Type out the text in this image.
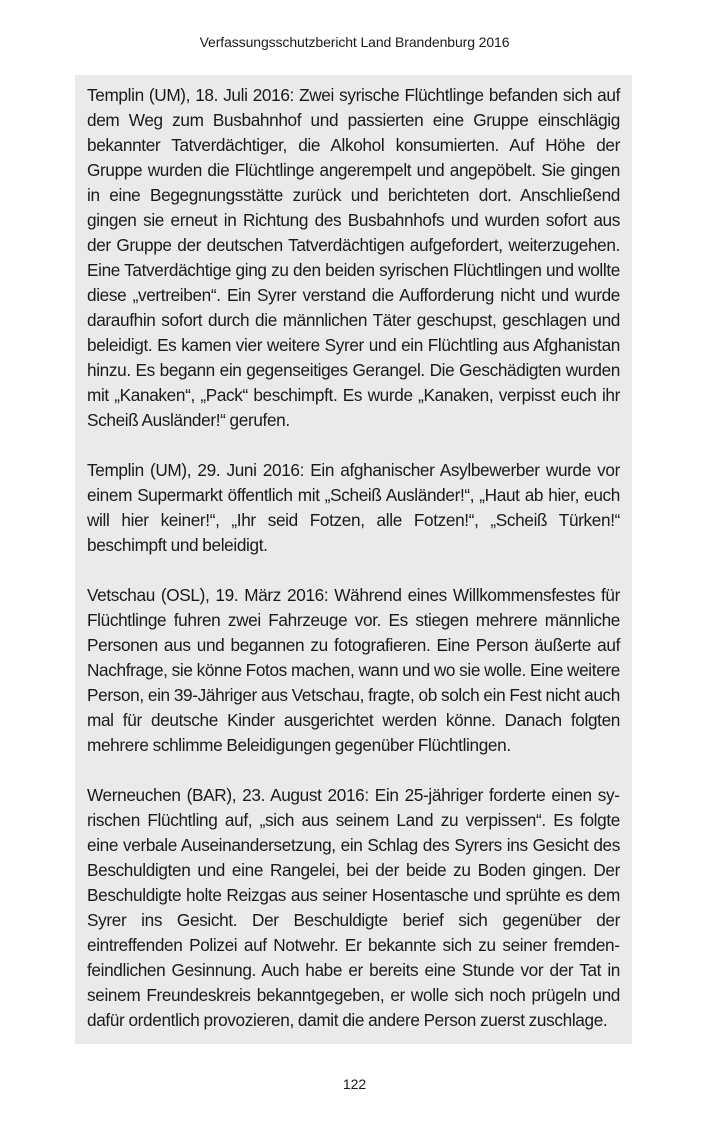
Verfassungsschutzbericht Land Brandenburg 2016

Templin (UM), 18. Juli 2016: Zwei syrische Flüchtlinge befanden sich auf dem Weg zum Busbahnhof und passierten eine Gruppe einschlägig bekannter Tatverdächtiger, die Alkohol konsumierten. Auf Höhe der Gruppe wurden die Flüchtlinge angerempelt und angepöbelt. Sie gingen in eine Begegnungsstätte zurück und berichteten dort. Anschließend gingen sie erneut in Richtung des Busbahnhofs und wurden sofort aus der Gruppe der deutschen Tatverdächtigen aufgefordert, weiterzugehen. Eine Tatverdächtige ging zu den beiden syrischen Flüchtlingen und wollte diese „vertreiben“. Ein Syrer verstand die Aufforderung nicht und wurde daraufhin sofort durch die männlichen Täter geschupst, geschlagen und beleidigt. Es kamen vier weitere Syrer und ein Flüchtling aus Afghanistan hinzu. Es begann ein gegenseitiges Gerangel. Die Geschädigten wurden mit „Kanaken“, „Pack“ beschimpft. Es wurde „Kanaken, verpisst euch ihr Scheiß Ausländer!“ gerufen.

Templin (UM), 29. Juni 2016: Ein afghanischer Asylbewerber wurde vor einem Supermarkt öffentlich mit „Scheiß Ausländer!“, „Haut ab hier, euch will hier keiner!“, „Ihr seid Fotzen, alle Fotzen!“, „Scheiß Türken!“ beschimpft und beleidigt.

Vetschau (OSL), 19. März 2016: Während eines Willkommensfestes für Flüchtlinge fuhren zwei Fahrzeuge vor. Es stiegen mehrere männliche Personen aus und begannen zu fotografieren. Eine Person äußerte auf Nachfrage, sie könne Fotos machen, wann und wo sie wolle. Eine weitere Person, ein 39-Jähriger aus Vetschau, fragte, ob solch ein Fest nicht auch mal für deutsche Kinder ausgerichtet werden könne. Danach folgten mehrere schlimme Beleidigungen gegenüber Flüchtlingen.

Werneuchen (BAR), 23. August 2016: Ein 25-jähriger forderte einen syrischen Flüchtling auf, „sich aus seinem Land zu verpissen“. Es folgte eine verbale Auseinandersetzung, ein Schlag des Syrers ins Gesicht des Beschuldigten und eine Rangelei, bei der beide zu Boden gingen. Der Beschuldigte holte Reizgas aus seiner Hosentasche und sprühte es dem Syrer ins Gesicht. Der Beschuldigte berief sich gegenüber der eintreffenden Polizei auf Notwehr. Er bekannte sich zu seiner fremdenfeindlichen Gesinnung. Auch habe er bereits eine Stunde vor der Tat in seinem Freundeskreis bekanntgegeben, er wolle sich noch prügeln und dafür ordentlich provozieren, damit die andere Person zuerst zuschlage.

122
